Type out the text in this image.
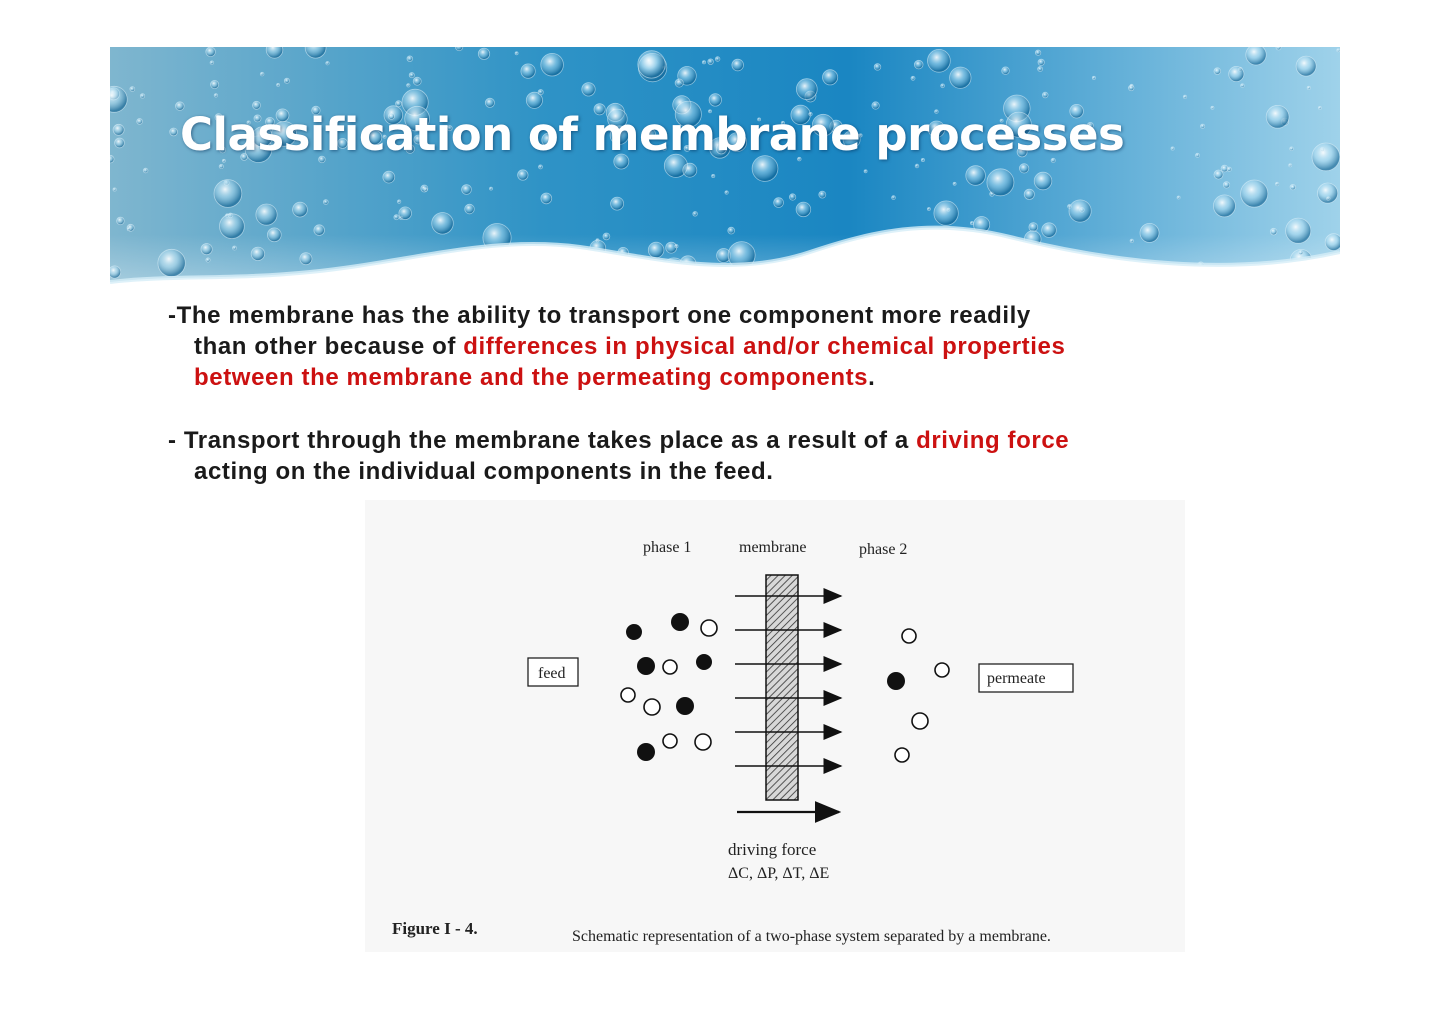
Classification of membrane processes
-The membrane has the ability to transport one component more readily
than other because of differences in physical and/or chemical properties
between the membrane and the permeating components.
- Transport through the membrane takes place as a result of a driving force
acting on the individual components in the feed.
phase 1	membrane	phase 2
feed	permeate
driving force
ΔC, ΔP, ΔT, ΔE
Figure I - 4.	Schematic representation of a two-phase system separated by a membrane.
